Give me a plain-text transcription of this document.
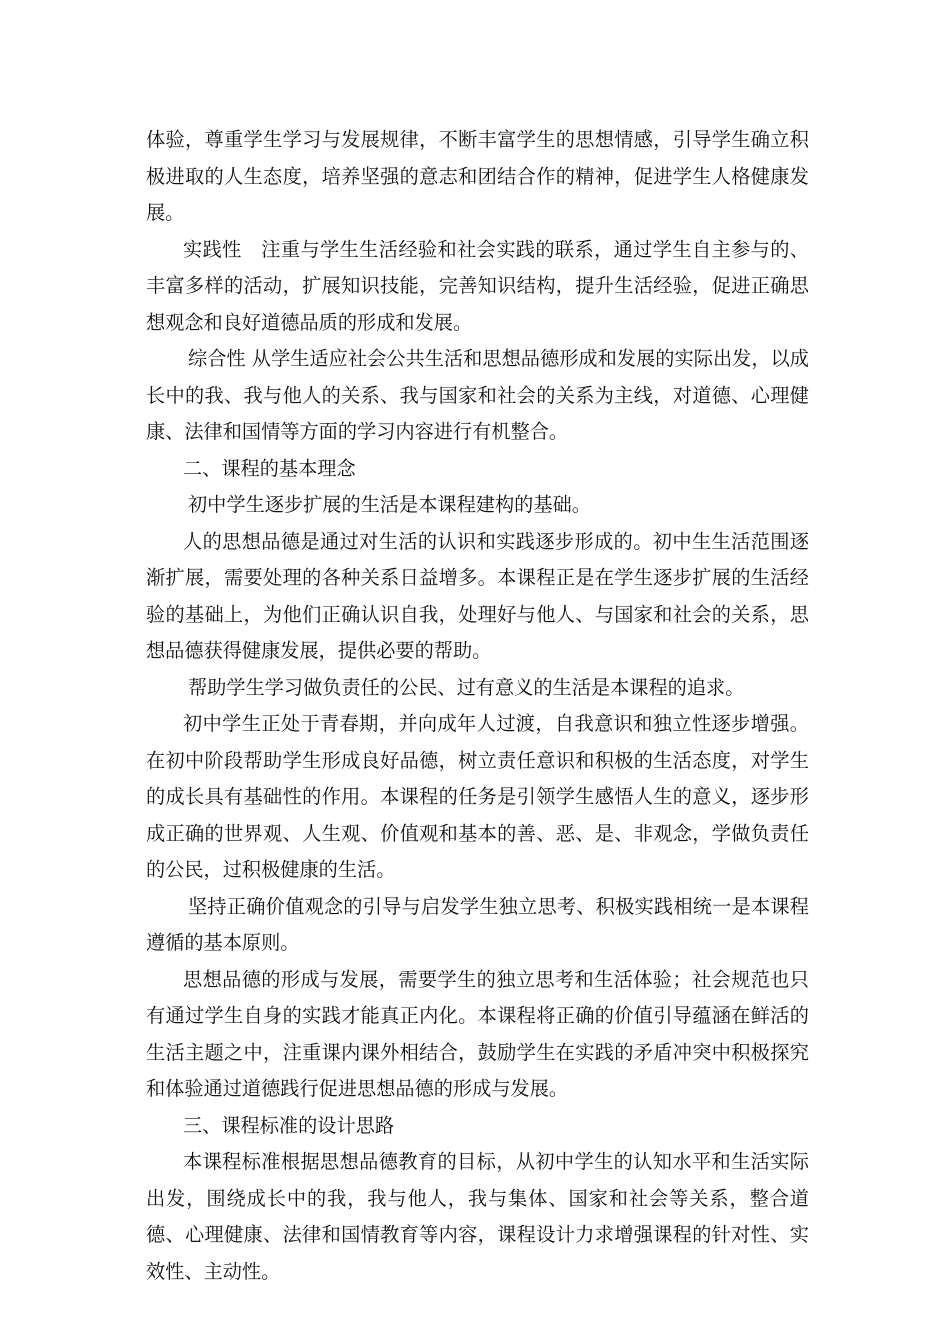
体验，尊重学生学习与发展规律，不断丰富学生的思想情感，引导学生确立积极进取的人生态度，培养坚强的意志和团结合作的精神，促进学生人格健康发展。

实践性　注重与学生生活经验和社会实践的联系，通过学生自主参与的、丰富多样的活动，扩展知识技能，完善知识结构，提升生活经验，促进正确思想观念和良好道德品质的形成和发展。

综合性 从学生适应社会公共生活和思想品德形成和发展的实际出发，以成长中的我、我与他人的关系、我与国家和社会的关系为主线，对道德、心理健康、法律和国情等方面的学习内容进行有机整合。

二、课程的基本理念

初中学生逐步扩展的生活是本课程建构的基础。

人的思想品德是通过对生活的认识和实践逐步形成的。初中生生活范围逐渐扩展，需要处理的各种关系日益增多。本课程正是在学生逐步扩展的生活经验的基础上，为他们正确认识自我，处理好与他人、与国家和社会的关系，思想品德获得健康发展，提供必要的帮助。

帮助学生学习做负责任的公民、过有意义的生活是本课程的追求。

初中学生正处于青春期，并向成年人过渡，自我意识和独立性逐步增强。在初中阶段帮助学生形成良好品德，树立责任意识和积极的生活态度，对学生的成长具有基础性的作用。本课程的任务是引领学生感悟人生的意义，逐步形成正确的世界观、人生观、价值观和基本的善、恶、是、非观念，学做负责任的公民，过积极健康的生活。

坚持正确价值观念的引导与启发学生独立思考、积极实践相统一是本课程遵循的基本原则。

思想品德的形成与发展，需要学生的独立思考和生活体验；社会规范也只有通过学生自身的实践才能真正内化。本课程将正确的价值引导蕴涵在鲜活的生活主题之中，注重课内课外相结合，鼓励学生在实践的矛盾冲突中积极探究和体验通过道德践行促进思想品德的形成与发展。

三、课程标准的设计思路

本课程标准根据思想品德教育的目标，从初中学生的认知水平和生活实际出发，围绕成长中的我，我与他人，我与集体、国家和社会等关系，整合道德、心理健康、法律和国情教育等内容，课程设计力求增强课程的针对性、实效性、主动性。
